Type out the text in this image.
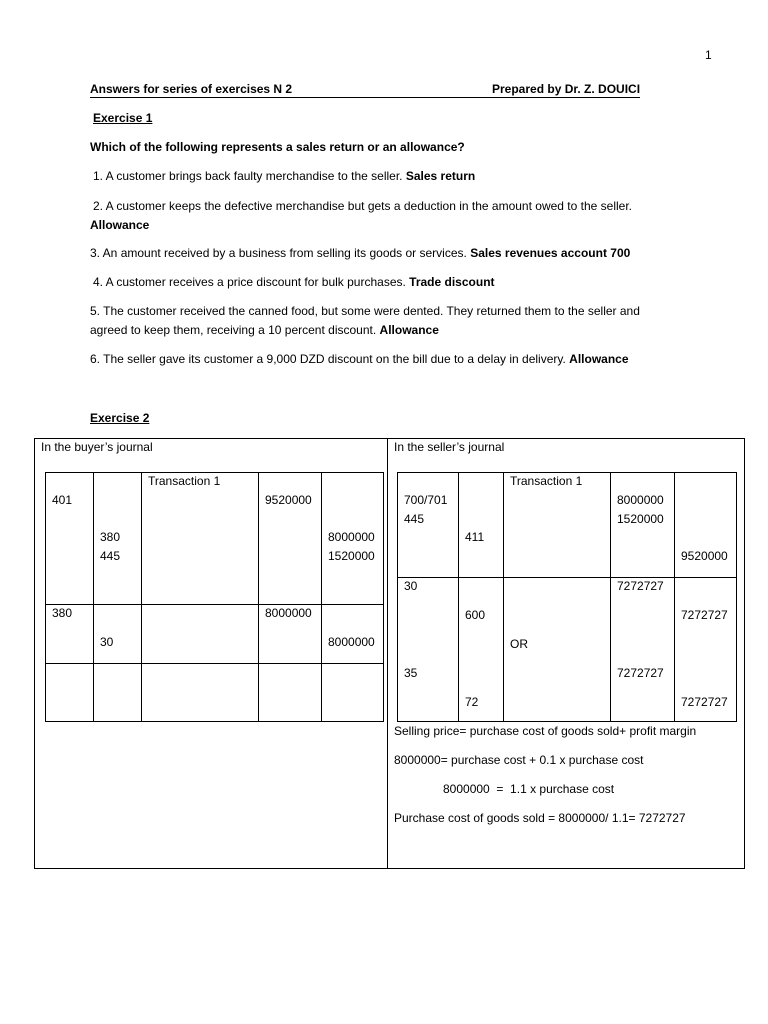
1
Answers for series of exercises N 2	Prepared by Dr. Z. DOUICI
Exercise 1
Which of the following represents a sales return or an allowance?
1. A customer brings back faulty merchandise to the seller. Sales return
2. A customer keeps the defective merchandise but gets a deduction in the amount owed to the seller.
Allowance
3. An amount received by a business from selling its goods or services. Sales revenues account 700
4. A customer receives a price discount for bulk purchases. Trade discount
5. The customer received the canned food, but some were dented. They returned them to the seller and
agreed to keep them, receiving a 10 percent discount. Allowance
6. The seller gave its customer a 9,000 DZD discount on the bill due to a delay in delivery. Allowance
Exercise 2
In the buyer’s journal
401
380
445
Transaction 1
9520000
8000000
1520000
380
30
8000000
8000000
In the seller’s journal
700/701
445
411
Transaction 1
8000000
1520000
9520000
30
35
600
72
OR
7272727
7272727
7272727
7272727
Selling price= purchase cost of goods sold+ profit margin
8000000= purchase cost + 0.1 x purchase cost
8000000  =  1.1 x purchase cost
Purchase cost of goods sold = 8000000/ 1.1= 7272727
